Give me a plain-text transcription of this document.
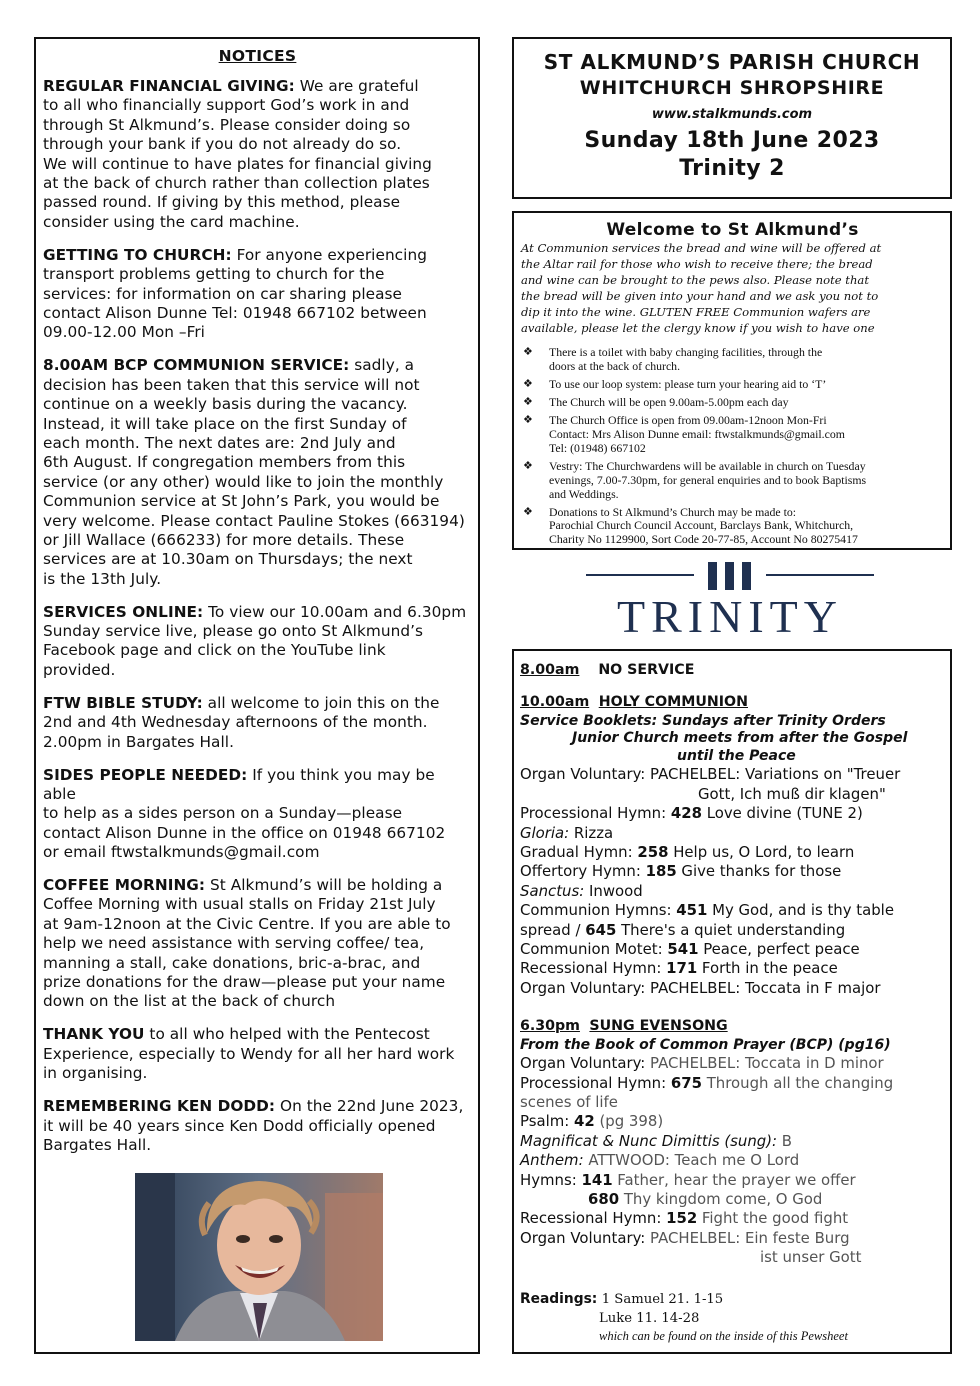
NOTICES
REGULAR FINANCIAL GIVING: We are grateful
to all who financially support God’s work in and
through St Alkmund’s. Please consider doing so
through your bank if you do not already do so.
We will continue to have plates for financial giving
at the back of church rather than collection plates
passed round. If giving by this method, please
consider using the card machine.
GETTING TO CHURCH: For anyone experiencing
transport problems getting to church for the
services: for information on car sharing please
contact Alison Dunne Tel: 01948 667102 between
09.00-12.00 Mon –Fri
8.00AM BCP COMMUNION SERVICE: sadly, a
decision has been taken that this service will not
continue on a weekly basis during the vacancy.
Instead, it will take place on the first Sunday of
each month. The next dates are: 2nd July and
6th August. If congregation members from this
service (or any other) would like to join the monthly
Communion service at St John’s Park, you would be
very welcome. Please contact Pauline Stokes (663194)
or Jill Wallace (666233) for more details. These
services are at 10.30am on Thursdays; the next
is the 13th July.
SERVICES ONLINE: To view our 10.00am and 6.30pm
Sunday service live, please go onto St Alkmund’s
Facebook page and click on the YouTube link
provided.
FTW BIBLE STUDY: all welcome to join this on the
2nd and 4th Wednesday afternoons of the month.
2.00pm in Bargates Hall.
SIDES PEOPLE NEEDED: If you think you may be able
to help as a sides person on a Sunday—please
contact Alison Dunne in the office on 01948 667102
or email ftwstalkmunds@gmail.com
COFFEE MORNING: St Alkmund’s will be holding a
Coffee Morning with usual stalls on Friday 21st July
at 9am-12noon at the Civic Centre. If you are able to
help we need assistance with serving coffee/ tea,
manning a stall, cake donations, bric-a-brac, and
prize donations for the draw—please put your name
down on the list at the back of church
THANK YOU to all who helped with the Pentecost
Experience, especially to Wendy for all her hard work
in organising.
REMEMBERING KEN DODD: On the 22nd June 2023,
it will be 40 years since Ken Dodd officially opened
Bargates Hall.
ST ALKMUND’S PARISH CHURCH
WHITCHURCH SHROPSHIRE
www.stalkmunds.com
Sunday 18th June 2023
Trinity 2
Welcome to St Alkmund’s
At Communion services the bread and wine will be offered at
the Altar rail for those who wish to receive there; the bread
and wine can be brought to the pews also. Please note that
the bread will be given into your hand and we ask you not to
dip it into the wine. GLUTEN FREE Communion wafers are
available, please let the clergy know if you wish to have one
❖ There is a toilet with baby changing facilities, through the
doors at the back of church.
❖ To use our loop system: please turn your hearing aid to ‘T’
❖ The Church will be open 9.00am-5.00pm each day
❖ The Church Office is open from 09.00am-12noon Mon-Fri
Contact: Mrs Alison Dunne email: ftwstalkmunds@gmail.com
Tel: (01948) 667102
❖ Vestry: The Churchwardens will be available in church on Tuesday
evenings, 7.00-7.30pm, for general enquiries and to book Baptisms
and Weddings.
❖ Donations to St Alkmund’s Church may be made to:
Parochial Church Council Account, Barclays Bank, Whitchurch,
Charity No 1129900, Sort Code 20-77-85, Account No 80275417
TRINITY
8.00am NO SERVICE
10.00am HOLY COMMUNION
Service Booklets: Sundays after Trinity Orders
Junior Church meets from after the Gospel
until the Peace
Organ Voluntary: PACHELBEL: Variations on "Treuer
Gott, Ich muß dir klagen"
Processional Hymn: 428 Love divine (TUNE 2)
Gloria: Rizza
Gradual Hymn: 258 Help us, O Lord, to learn
Offertory Hymn: 185 Give thanks for those
Sanctus: Inwood
Communion Hymns: 451 My God, and is thy table
spread / 645 There's a quiet understanding
Communion Motet: 541 Peace, perfect peace
Recessional Hymn: 171 Forth in the peace
Organ Voluntary: PACHELBEL: Toccata in F major
6.30pm SUNG EVENSONG
From the Book of Common Prayer (BCP) (pg16)
Organ Voluntary: PACHELBEL: Toccata in D minor
Processional Hymn: 675 Through all the changing
scenes of life
Psalm: 42 (pg 398)
Magnificat & Nunc Dimittis (sung): B
Anthem: ATTWOOD: Teach me O Lord
Hymns: 141 Father, hear the prayer we offer
680 Thy kingdom come, O God
Recessional Hymn: 152 Fight the good fight
Organ Voluntary: PACHELBEL: Ein feste Burg
ist unser Gott
Readings: 1 Samuel 21. 1-15
Luke 11. 14-28
which can be found on the inside of this Pewsheet
